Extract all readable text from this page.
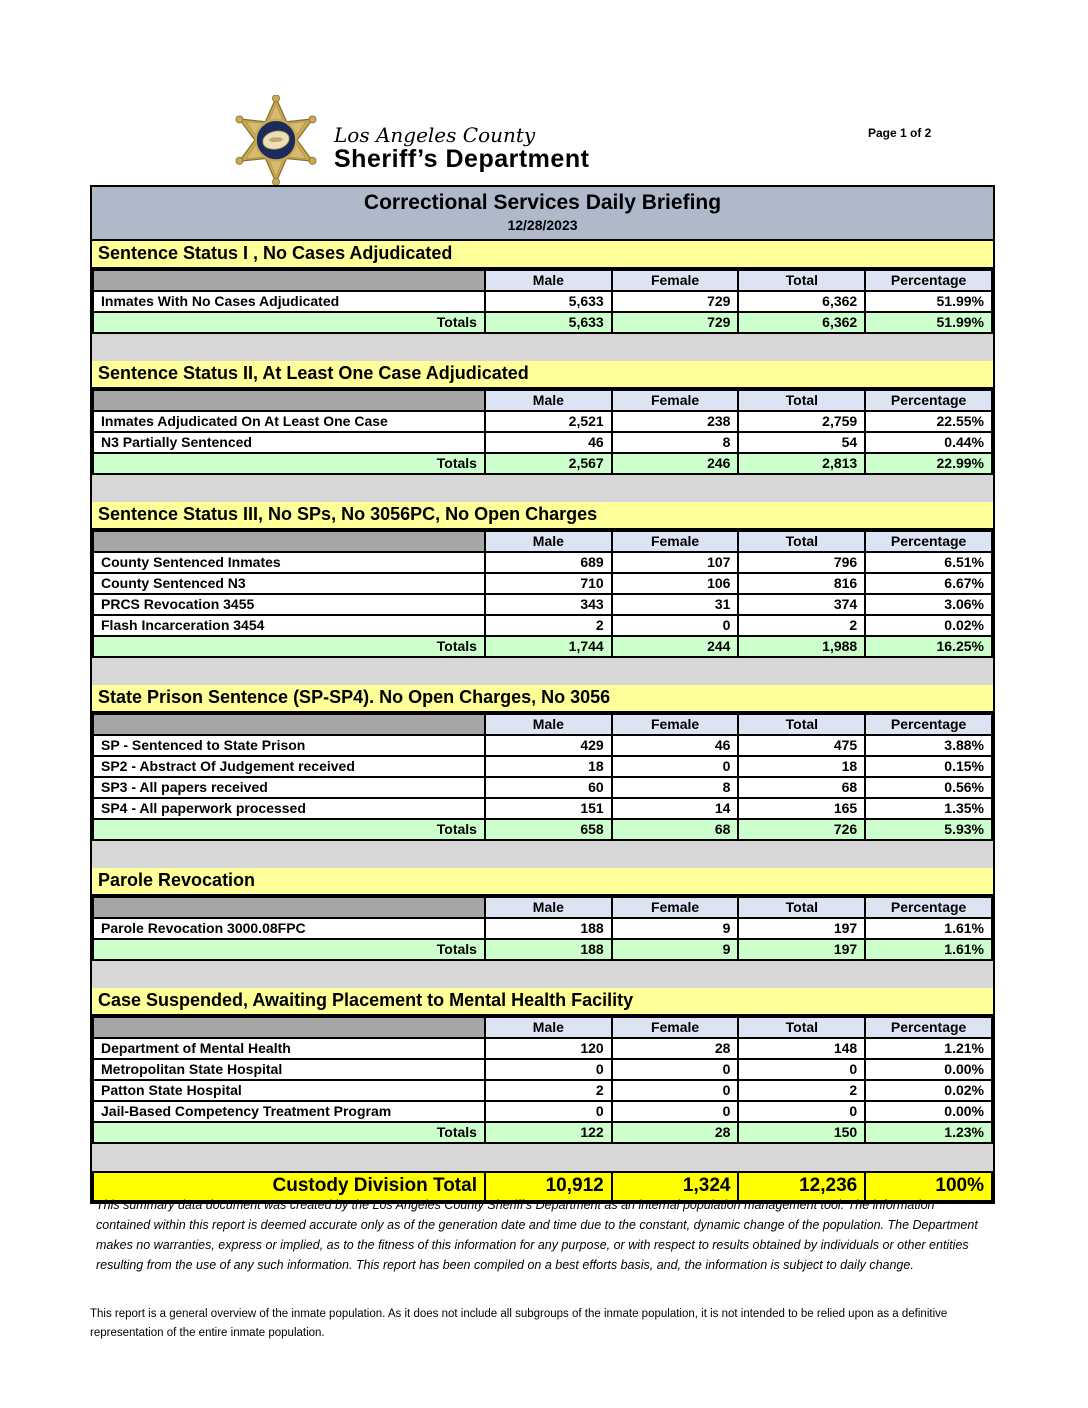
Los Angeles County
Sheriff’s Department
Page 1 of 2
Correctional Services Daily Briefing
12/28/2023
Sentence Status I , No Cases Adjudicated
	Male	Female	Total	Percentage
Inmates With No Cases Adjudicated	5,633	729	6,362	51.99%
Totals	5,633	729	6,362	51.99%
Sentence Status II, At Least One Case Adjudicated
	Male	Female	Total	Percentage
Inmates Adjudicated On At Least One Case	2,521	238	2,759	22.55%
N3 Partially Sentenced	46	8	54	0.44%
Totals	2,567	246	2,813	22.99%
Sentence Status III, No SPs, No 3056PC, No Open Charges
	Male	Female	Total	Percentage
County Sentenced Inmates	689	107	796	6.51%
County Sentenced N3	710	106	816	6.67%
PRCS Revocation 3455	343	31	374	3.06%
Flash Incarceration 3454	2	0	2	0.02%
Totals	1,744	244	1,988	16.25%
State Prison Sentence (SP-SP4). No Open Charges, No 3056
	Male	Female	Total	Percentage
SP - Sentenced to State Prison	429	46	475	3.88%
SP2 - Abstract Of Judgement received	18	0	18	0.15%
SP3 - All papers received	60	8	68	0.56%
SP4 - All paperwork processed	151	14	165	1.35%
Totals	658	68	726	5.93%
Parole Revocation
	Male	Female	Total	Percentage
Parole Revocation 3000.08FPC	188	9	197	1.61%
Totals	188	9	197	1.61%
Case Suspended, Awaiting Placement to Mental Health Facility
	Male	Female	Total	Percentage
Department of Mental Health	120	28	148	1.21%
Metropolitan State Hospital	0	0	0	0.00%
Patton State Hospital	2	0	2	0.02%
Jail-Based Competency Treatment Program	0	0	0	0.00%
Totals	122	28	150	1.23%
Custody Division Total	10,912	1,324	12,236	100%

This summary data document was created by the Los Angeles County Sheriff's Department as an internal population management tool. The information contained within this report is deemed accurate only as of the generation date and time due to the constant, dynamic change of the population. The Department makes no warranties, express or implied, as to the fitness of this information for any purpose, or with respect to results obtained by individuals or other entities resulting from the use of any such information. This report has been compiled on a best efforts basis, and, the information is subject to daily change.

This report is a general overview of the inmate population. As it does not include all subgroups of the inmate population, it is not intended to be relied upon as a definitive representation of the entire inmate population.
